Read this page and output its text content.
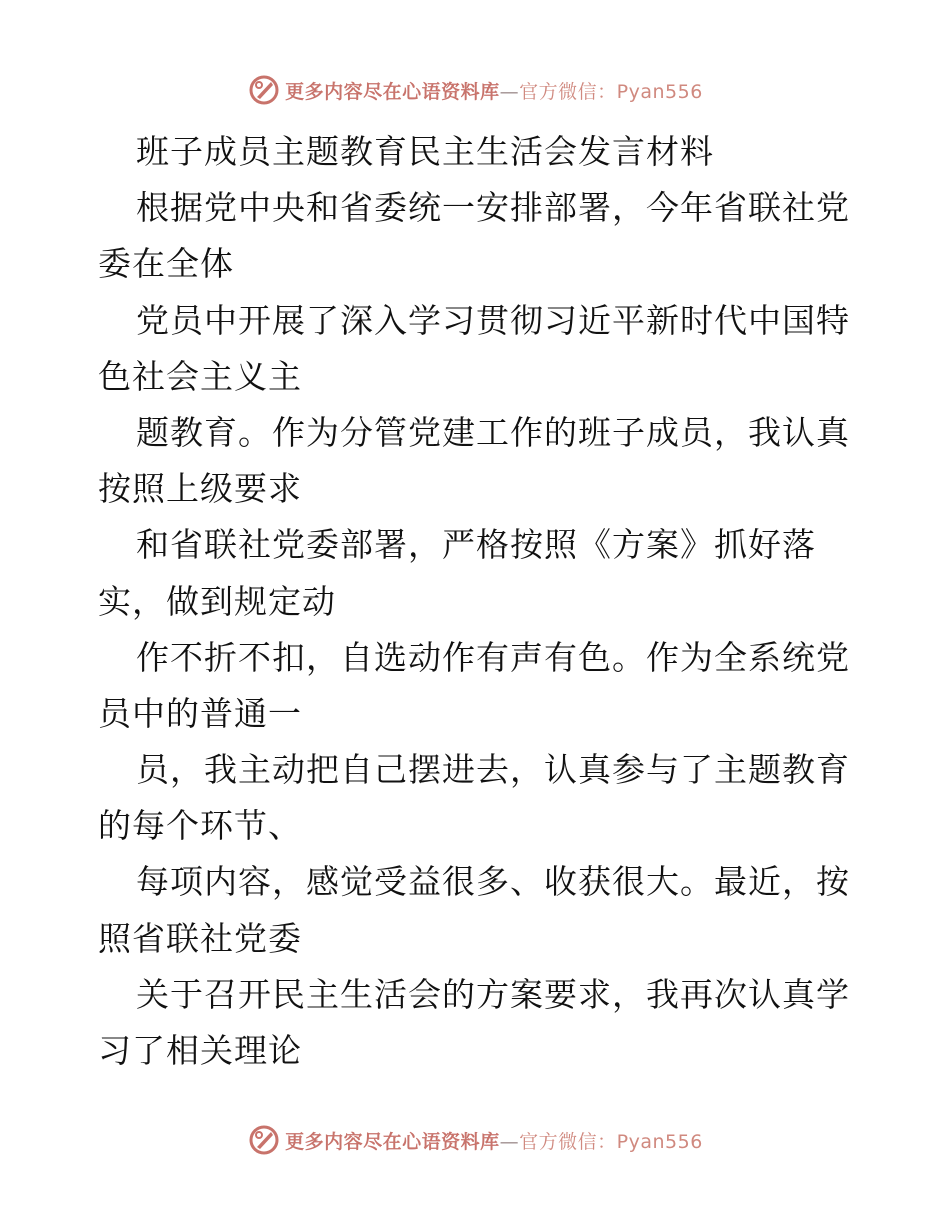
更多内容尽在心语资料库—官方微信：Pyan556
班子成员主题教育民主生活会发言材料
根据党中央和省委统一安排部署，今年省联社党
委在全体
党员中开展了深入学习贯彻习近平新时代中国特
色社会主义主
题教育。作为分管党建工作的班子成员，我认真
按照上级要求
和省联社党委部署，严格按照《方案》抓好落
实，做到规定动
作不折不扣，自选动作有声有色。作为全系统党
员中的普通一
员，我主动把自己摆进去，认真参与了主题教育
的每个环节、
每项内容，感觉受益很多、收获很大。最近，按
照省联社党委
关于召开民主生活会的方案要求，我再次认真学
习了相关理论
更多内容尽在心语资料库—官方微信：Pyan556
